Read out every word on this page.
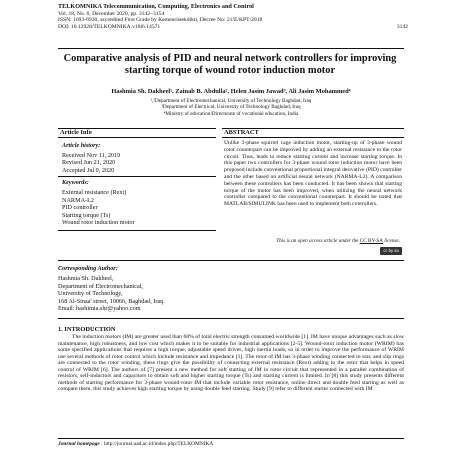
TELKOMNIKA Telecommunication, Computing, Electronics and Control
Vol. 18, No. 6, December 2020, pp. 3142~3154
ISSN: 1693-6930, accredited First Grade by Kemenristekdikti, Decree No: 21/E/KPT/2018
DOI: 10.12928/TELKOMNIKA.v18i6.14571	3142
Comparative analysis of PID and neural network controllers for improving starting torque of wound rotor induction motor
Hashmia Sh. Dakheel¹, Zainab B. Abdulla², Helen Jasim Jawad³, Ali Jasim Mohammed⁴
¹,²Department of Electromechanical, University of Technology Baghdad, Iraq
³Department of Electrical, University of Technology Baghdad, Iraq
⁴Ministry of education/Directorate of vocational education, India
Article Info
Article history:
Received Nov 11, 2019
Revised Jun 21, 2020
Accepted Jul 9, 2020
Keywords:
External resistance (Rext)
NARMA-L2
PID controller
Starting torque (Ts)
Wound rotor induction motor
ABSTRACT
Unlike 3-phase squirrel cage induction motor, starting-up of 3-phase wound rotor counterpart can be improved by adding an external resistance to the rotor circuit. Thus, leads to reduce starting current and increase starting torque. In this paper two controllers for 3-phase wound rotor induction motor have been proposed include conventional proportional integral derivative (PID) controller and the other based on artificial neural network (NARMA-L2). A comparison between these controllers has been conducted. It has been shown that starting torque of the motor has been improved, when utilizing the neural network controller compared to the conventional counterpart. It should be noted that MATLAB/SIMULINK has been used to implement both controllers.
This is an open access article under the CC BY-SA license.
cc by sa
Corresponding Author:
Hashmia Sh. Dakheel,
Department of Electromechanical,
University of Technology,
168 Al-Sinaa' street, 10066, Baghdad, Iraq.
Email: hashimia.shr@yahoo.com
1. INTRODUCTION
The induction motors (IM) are greater used than 60% of total electric strength consumed worldwide [1]. IM have unique advantages such as slow maintenance, high robustness, and low cost which makes it to be suitable for industrial applications [2-5]. Wound-rotor induction motor (WRIM) has some specified applications that requires a high torque, adjustable speed drives, high inertia loads, so in order to improve the performance of WRIM use several methods of rotor control which include resistance and impedance [1]. The rotor of IM has 3-phase winding connected in star, and slip rings are connected to the rotor winding, these rings give the possibility of connecting external resistance (Rext) adding to the rotor that helps in speed control of WRIM [6]. The authors of [7] present a new method for soft starting of IM in rotor circuit that represented in a parallel combination of resistors, self-inductors and capacitors to obtain soft and higher starting torque (Ts) and starting current is limited. In [8] this study presents different methods of starting performance for 3-phase wound-rotor IM that include variable rotor resistance, online direct and double feed starting as well as compare them, this study achieves high starting torque by using double feed starting. Study [9] refer to different starter connected with IM
Journal homepage : http://journal.uad.ac.id/index.php/TELKOMNIKA
